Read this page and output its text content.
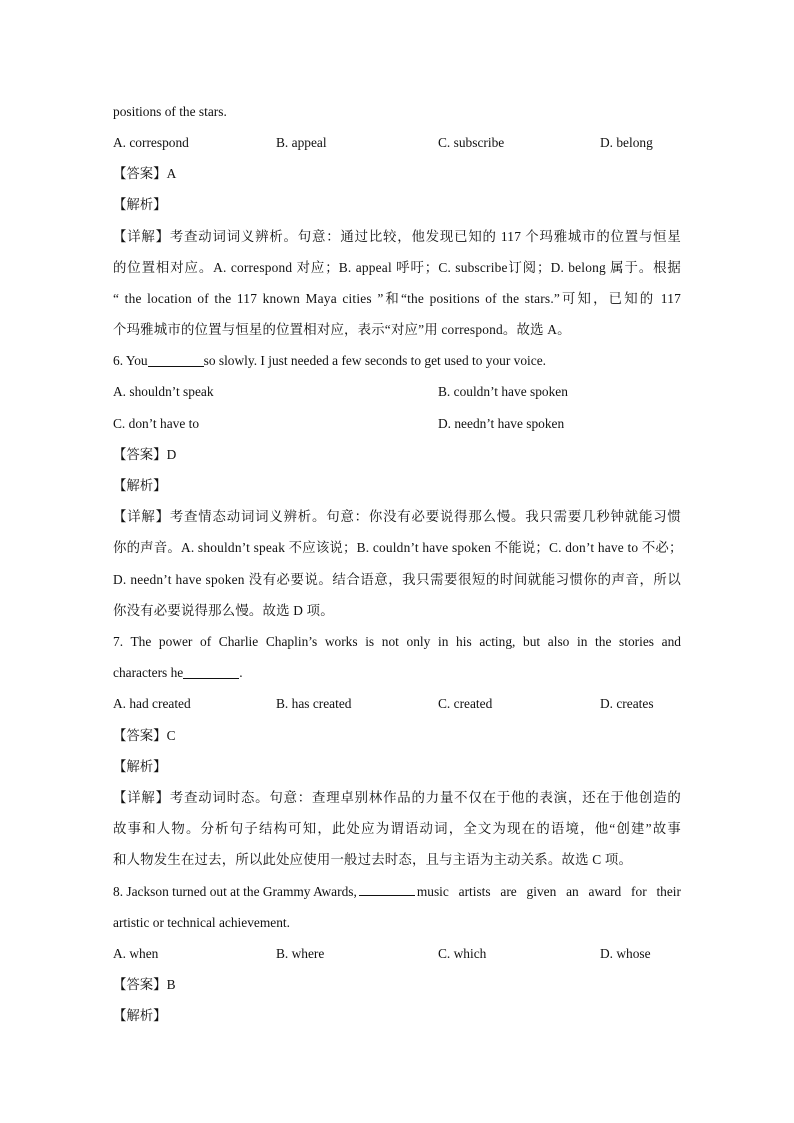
positions of the stars.
A. correspond	B. appeal	C. subscribe	D. belong
【答案】A
【解析】
【详解】考查动词词义辨析。句意：通过比较，他发现已知的 117 个玛雅城市的位置与恒星
的位置相对应。A. correspond 对应；B. appeal 呼吁；C. subscribe订阅；D. belong 属于。根据
“ the location of the 117 known Maya cities ”和“the positions of the stars.”可知，已知的 117
个玛雅城市的位置与恒星的位置相对应，表示“对应”用 correspond。故选 A。
6. You	so slowly. I just needed a few seconds to get used to your voice.
A. shouldn’t speak	B. couldn’t have spoken
C. don’t have to	D. needn’t have spoken
【答案】D
【解析】
【详解】考查情态动词词义辨析。句意：你没有必要说得那么慢。我只需要几秒钟就能习惯
你的声音。A. shouldn’t speak 不应该说；B. couldn’t have spoken 不能说；C. don’t have to 不必；
D. needn’t have spoken 没有必要说。结合语意，我只需要很短的时间就能习惯你的声音，所以
你没有必要说得那么慢。故选 D 项。
7. The power of Charlie Chaplin’s works is not only in his acting, but also in the stories and
characters he	.
A. had created	B. has created	C. created	D. creates
【答案】C
【解析】
【详解】考查动词时态。句意：查理卓别林作品的力量不仅在于他的表演，还在于他创造的
故事和人物。分析句子结构可知，此处应为谓语动词，全文为现在的语境，他“创建”故事
和人物发生在过去，所以此处应使用一般过去时态，且与主语为主动关系。故选 C 项。
8. Jackson turned out at the Grammy Awards,	music artists are given an award for their
artistic or technical achievement.
A. when	B. where	C. which	D. whose
【答案】B
【解析】
